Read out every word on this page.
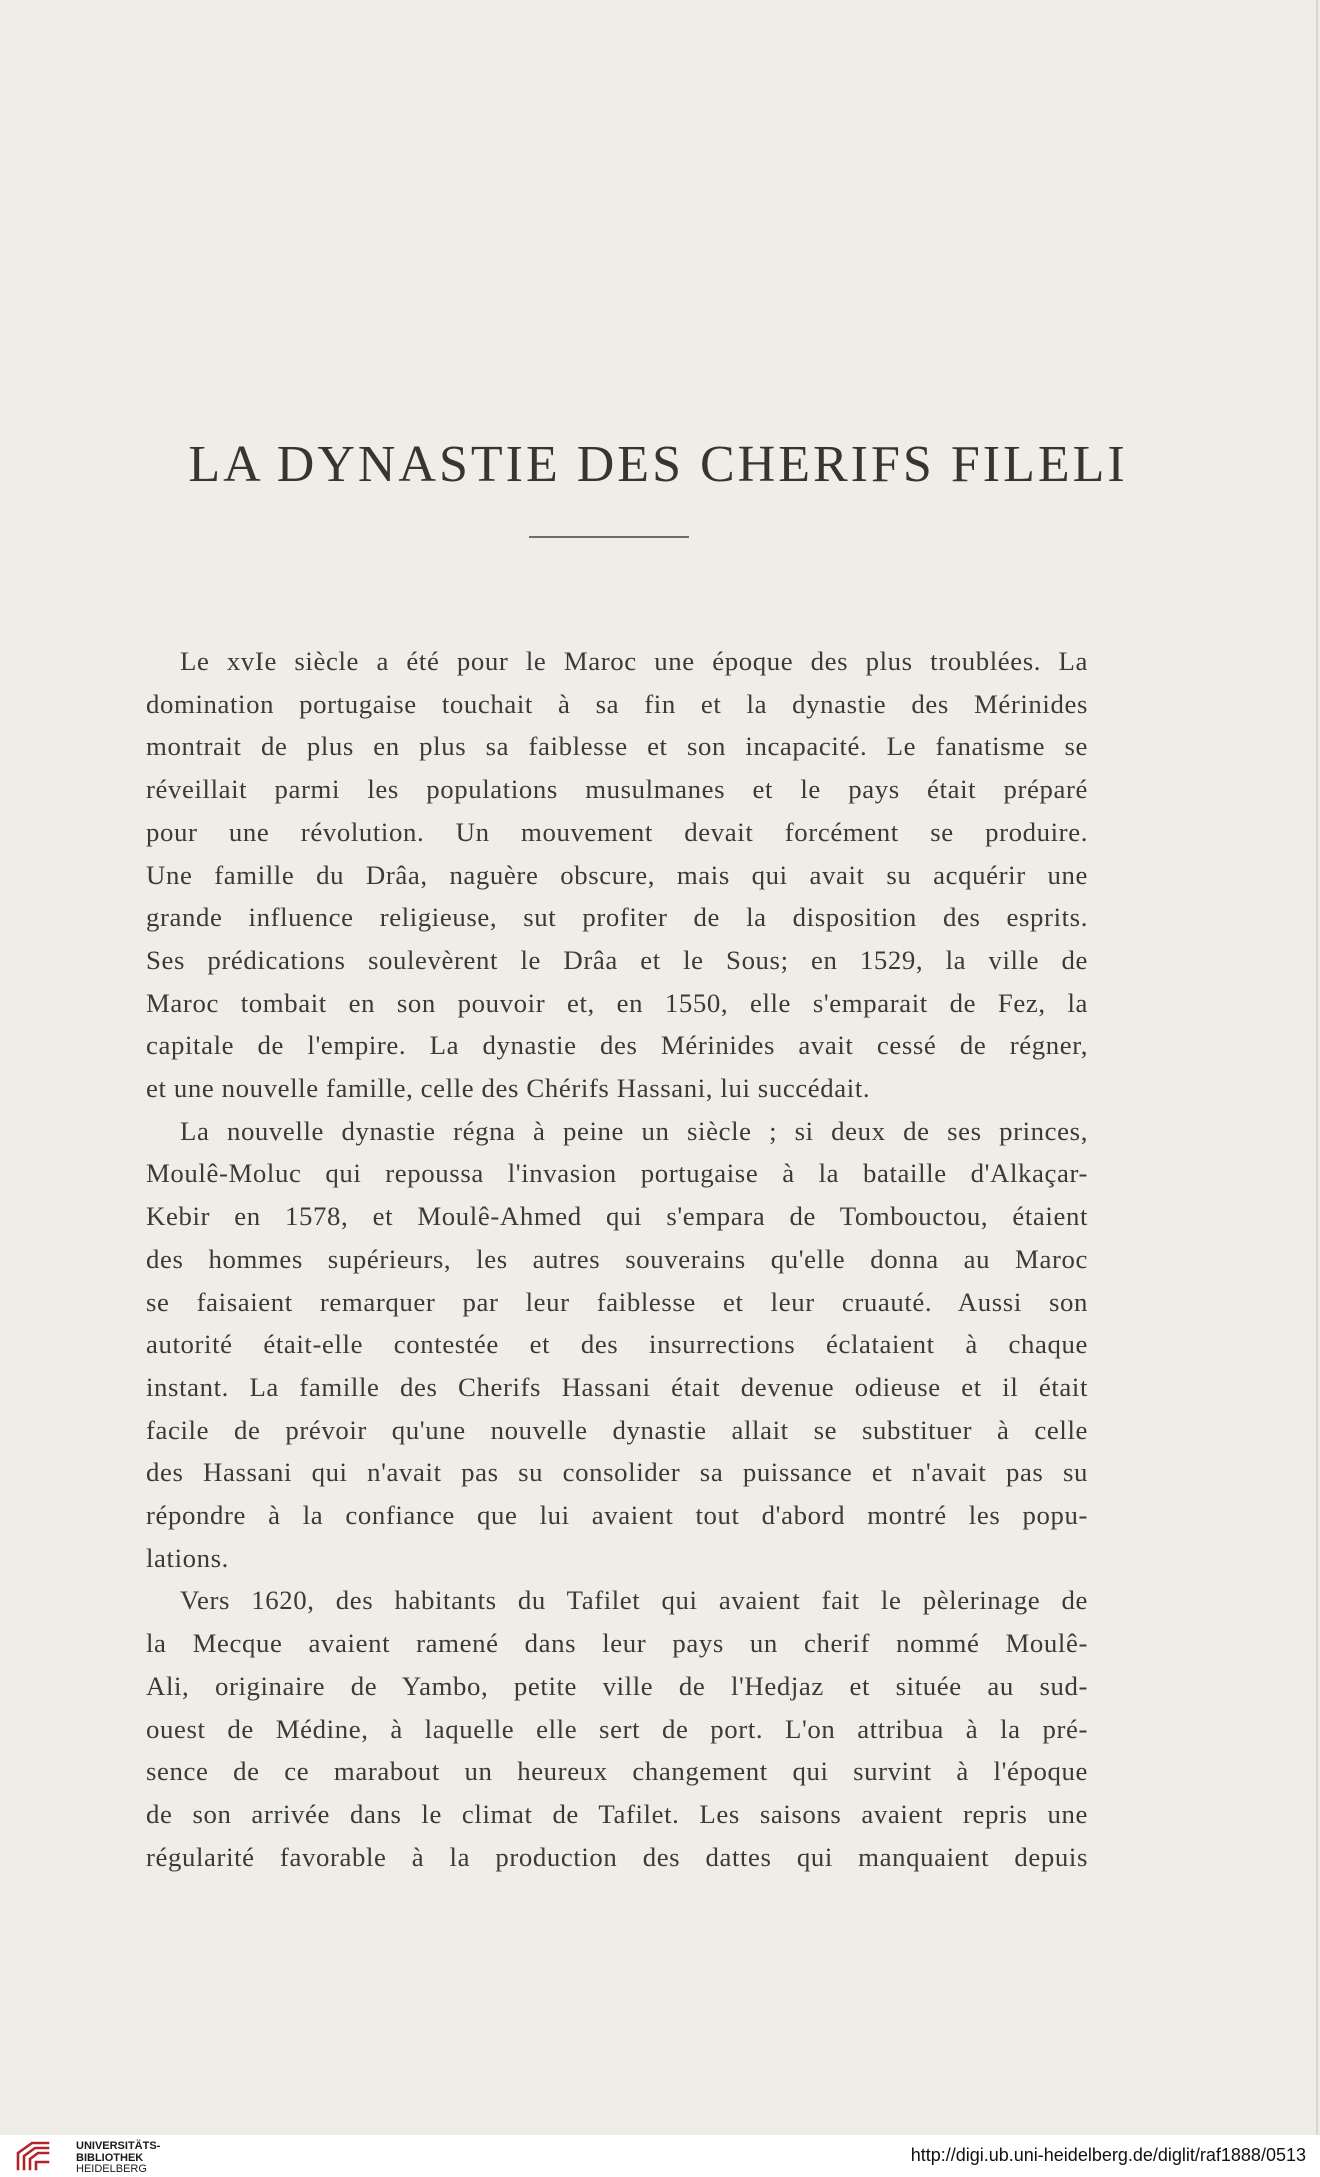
LA DYNASTIE DES CHERIFS FILELI
Le xvIe siècle a été pour le Maroc une époque des plus troublées. La
domination portugaise touchait à sa fin et la dynastie des Mérinides
montrait de plus en plus sa faiblesse et son incapacité. Le fanatisme se
réveillait parmi les populations musulmanes et le pays était préparé
pour une révolution. Un mouvement devait forcément se produire.
Une famille du Drâa, naguère obscure, mais qui avait su acquérir une
grande influence religieuse, sut profiter de la disposition des esprits.
Ses prédications soulevèrent le Drâa et le Sous; en 1529, la ville de
Maroc tombait en son pouvoir et, en 1550, elle s'emparait de Fez, la
capitale de l'empire. La dynastie des Mérinides avait cessé de régner,
et une nouvelle famille, celle des Chérifs Hassani, lui succédait.
La nouvelle dynastie régna à peine un siècle ; si deux de ses princes,
Moulê-Moluc qui repoussa l'invasion portugaise à la bataille d'Alkaçar-
Kebir en 1578, et Moulê-Ahmed qui s'empara de Tombouctou, étaient
des hommes supérieurs, les autres souverains qu'elle donna au Maroc
se faisaient remarquer par leur faiblesse et leur cruauté. Aussi son
autorité était-elle contestée et des insurrections éclataient à chaque
instant. La famille des Cherifs Hassani était devenue odieuse et il était
facile de prévoir qu'une nouvelle dynastie allait se substituer à celle
des Hassani qui n'avait pas su consolider sa puissance et n'avait pas su
répondre à la confiance que lui avaient tout d'abord montré les popu-
lations.
Vers 1620, des habitants du Tafilet qui avaient fait le pèlerinage de
la Mecque avaient ramené dans leur pays un cherif nommé Moulê-
Ali, originaire de Yambo, petite ville de l'Hedjaz et située au sud-
ouest de Médine, à laquelle elle sert de port. L'on attribua à la pré-
sence de ce marabout un heureux changement qui survint à l'époque
de son arrivée dans le climat de Tafilet. Les saisons avaient repris une
régularité favorable à la production des dattes qui manquaient depuis
UNIVERSITÄTS-
BIBLIOTHEK
HEIDELBERG
http://digi.ub.uni-heidelberg.de/diglit/raf1888/0513
